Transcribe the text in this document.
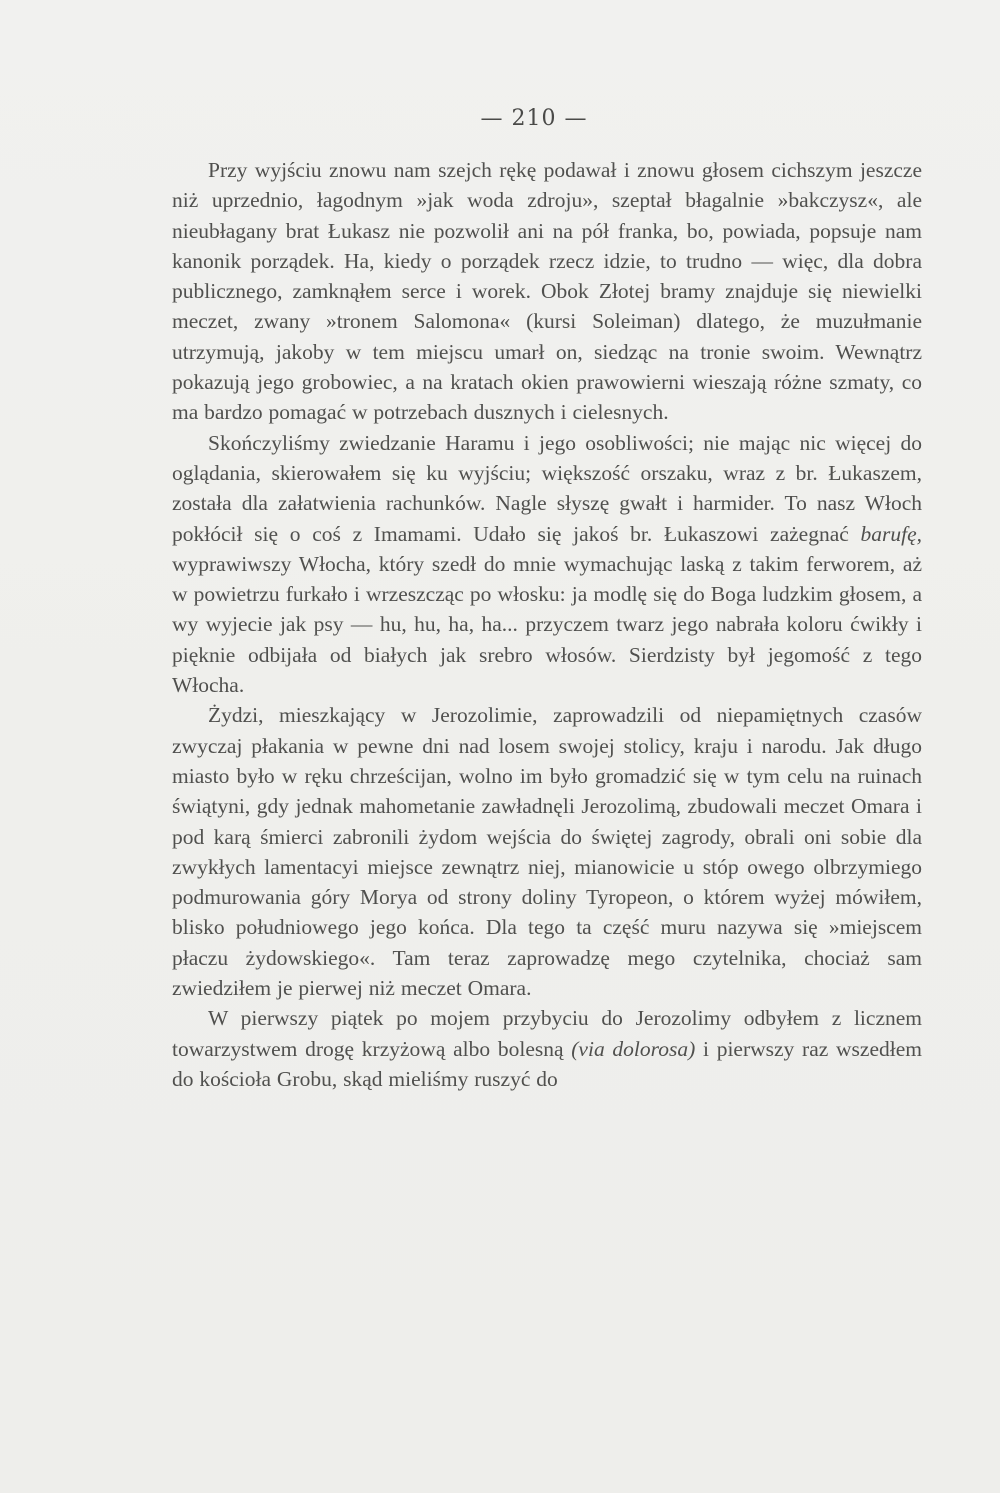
— 210 —

Przy wyjściu znowu nam szejch rękę podawał i znowu głosem cichszym jeszcze niż uprzednio, łagodnym »jak woda zdroju», szeptał błagalnie »bakczysz«, ale nieubłagany brat Łukasz nie pozwolił ani na pół franka, bo, powiada, popsuje nam kanonik porządek. Ha, kiedy o porządek rzecz idzie, to trudno — więc, dla dobra publicznego, zamknąłem serce i worek. Obok Złotej bramy znajduje się niewielki meczet, zwany »tronem Salomona« (kursi Soleiman) dlatego, że muzułmanie utrzymują, jakoby w tem miejscu umarł on, siedząc na tronie swoim. Wewnątrz pokazują jego grobowiec, a na kratach okien prawowierni wieszają różne szmaty, co ma bardzo pomagać w potrzebach dusznych i cielesnych.

Skończyliśmy zwiedzanie Haramu i jego osobliwości; nie mając nic więcej do oglądania, skierowałem się ku wyjściu; większość orszaku, wraz z br. Łukaszem, została dla załatwienia rachunków. Nagle słyszę gwałt i harmider. To nasz Włoch pokłócił się o coś z Imamami. Udało się jakoś br. Łukaszowi zażegnać barufę, wyprawiwszy Włocha, który szedł do mnie wymachując laską z takim ferworem, aż w powietrzu furkało i wrzeszcząc po włosku: ja modlę się do Boga ludzkim głosem, a wy wyjecie jak psy — hu, hu, ha, ha... przyczem twarz jego nabrała koloru ćwikły i pięknie odbijała od białych jak srebro włosów. Sierdzisty był jegomość z tego Włocha.

Żydzi, mieszkający w Jerozolimie, zaprowadzili od niepamiętnych czasów zwyczaj płakania w pewne dni nad losem swojej stolicy, kraju i narodu. Jak długo miasto było w ręku chrześcijan, wolno im było gromadzić się w tym celu na ruinach świątyni, gdy jednak mahometanie zawładnęli Jerozolimą, zbudowali meczet Omara i pod karą śmierci zabronili żydom wejścia do świętej zagrody, obrali oni sobie dla zwykłych lamentacyi miejsce zewnątrz niej, mianowicie u stóp owego olbrzymiego podmurowania góry Morya od strony doliny Tyropeon, o którem wyżej mówiłem, blisko południowego jego końca. Dla tego ta część muru nazywa się »miejscem płaczu żydowskiego«. Tam teraz zaprowadzę mego czytelnika, chociaż sam zwiedziłem je pierwej niż meczet Omara.

W pierwszy piątek po mojem przybyciu do Jerozolimy odbyłem z licznem towarzystwem drogę krzyżową albo bolesną (via dolorosa) i pierwszy raz wszedłem do kościoła Grobu, skąd mieliśmy ruszyć do
